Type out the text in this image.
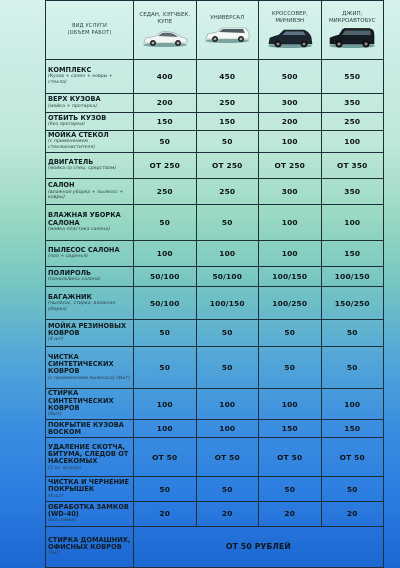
ВИД УСЛУГИ
(ОБЪЕМ РАБОТ)	СЕДАН, ХЭТЧБЕК, КУПЕ	УНИВЕРСАЛ	КРОССОВЕР, МИНИВЭН	ДЖИП, МИКРОАВТОБУС

КОМПЛЕКС
(Кузов + салон + ковры + стекла)	400	450	500	550

ВЕРХ КУЗОВА
(мойка + протирка)	200	250	300	350

ОТБИТЬ КУЗОВ
(без протирки)	150	150	200	250

МОЙКА СТЕКОЛ
(с применением стеклоочистителя)	50	50	100	100

ДВИГАТЕЛЬ
(мойка со спец. средством)	ОТ 250	ОТ 250	ОТ 250	ОТ 350

САЛОН
(влажная уборка + пылесос + ковры)	250	250	300	350

ВЛАЖНАЯ УБОРКА САЛОНА
(мойка пластика салона)	50	50	100	100

ПЫЛЕСОС САЛОНА
(пол + сиденья)	100	100	100	150

ПОЛИРОЛЬ
(панель/весь салона)	50/100	50/100	100/150	100/150

БАГАЖНИК
(пылесос, стирка, влажная уборка)	50/100	100/150	100/250	150/250

МОЙКА РЕЗИНОВЫХ КОВРОВ
(4 шт)	50	50	50	50

ЧИСТКА СИНТЕТИЧЕСКИХ КОВРОВ
(с применением пылесоса) (4шт)	50	50	50	50

СТИРКА СИНТЕТИЧЕСКИХ КОВРОВ
(4шт)	100	100	100	100

ПОКРЫТИЕ КУЗОВА ВОСКОМ	100	100	150	150

УДАЛЕНИЕ СКОТЧА, БИТУМА, СЛЕДОВ ОТ НАСЕКОМЫХ
(1 эл. кузова)	ОТ 50	ОТ 50	ОТ 50	ОТ 50

ЧИСТКА И ЧЕРНЕНИЕ ПОКРЫШЕК
(4 шт)	50	50	50	50

ОБРАБОТКА ЗАМКОВ (WD-40)
(все замки)	20	20	20	20

СТИРКА ДОМАШНИХ, ОФИСНЫХ КОВРОВ
(1м²)	ОТ 50 РУБЛЕЙ			
